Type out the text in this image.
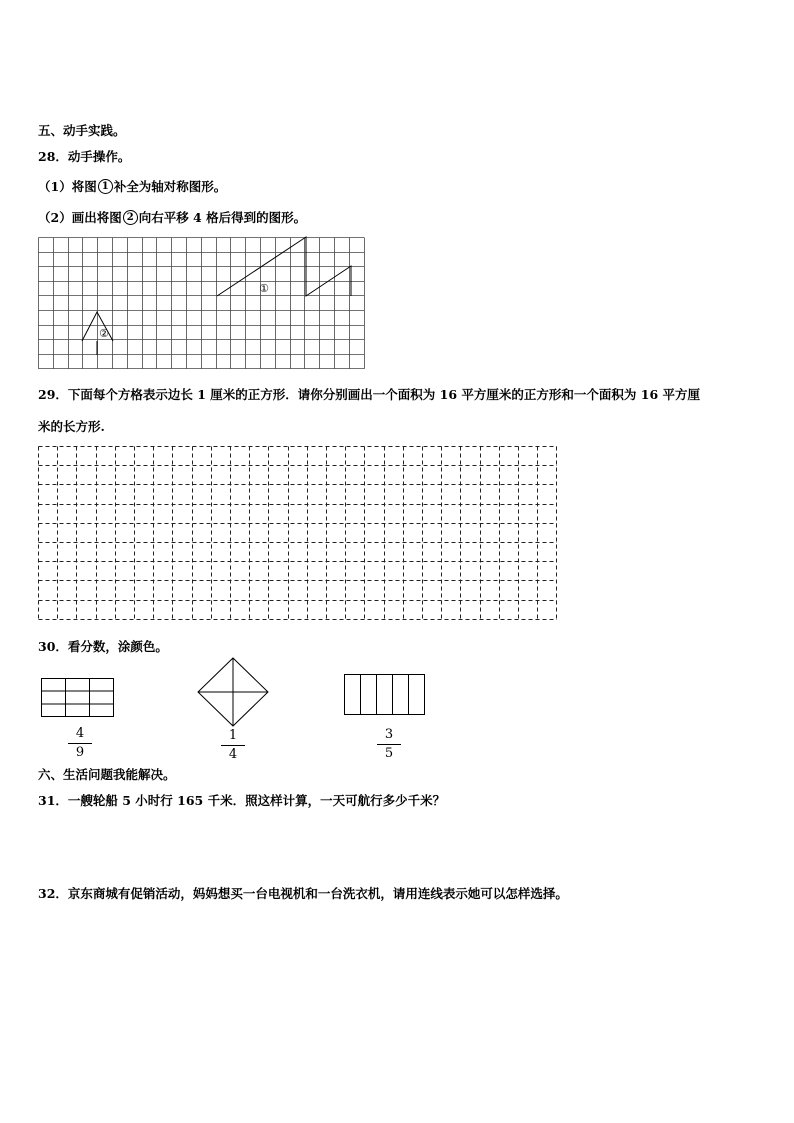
五、动手实践。
28．动手操作。
（1）将图 1 补全为轴对称图形。
（2）画出将图 2 向右平移 4 格后得到的图形。
①
②
29．下面每个方格表示边长 1 厘米的正方形．请你分别画出一个面积为 16 平方厘米的正方形和一个面积为 16 平方厘
米的长方形.
30．看分数，涂颜色。
4
9
1
4
3
5
六、生活问题我能解决。
31．一艘轮船 5 小时行 165 千米．照这样计算，一天可航行多少千米？
32．京东商城有促销活动，妈妈想买一台电视机和一台洗衣机，请用连线表示她可以怎样选择。
